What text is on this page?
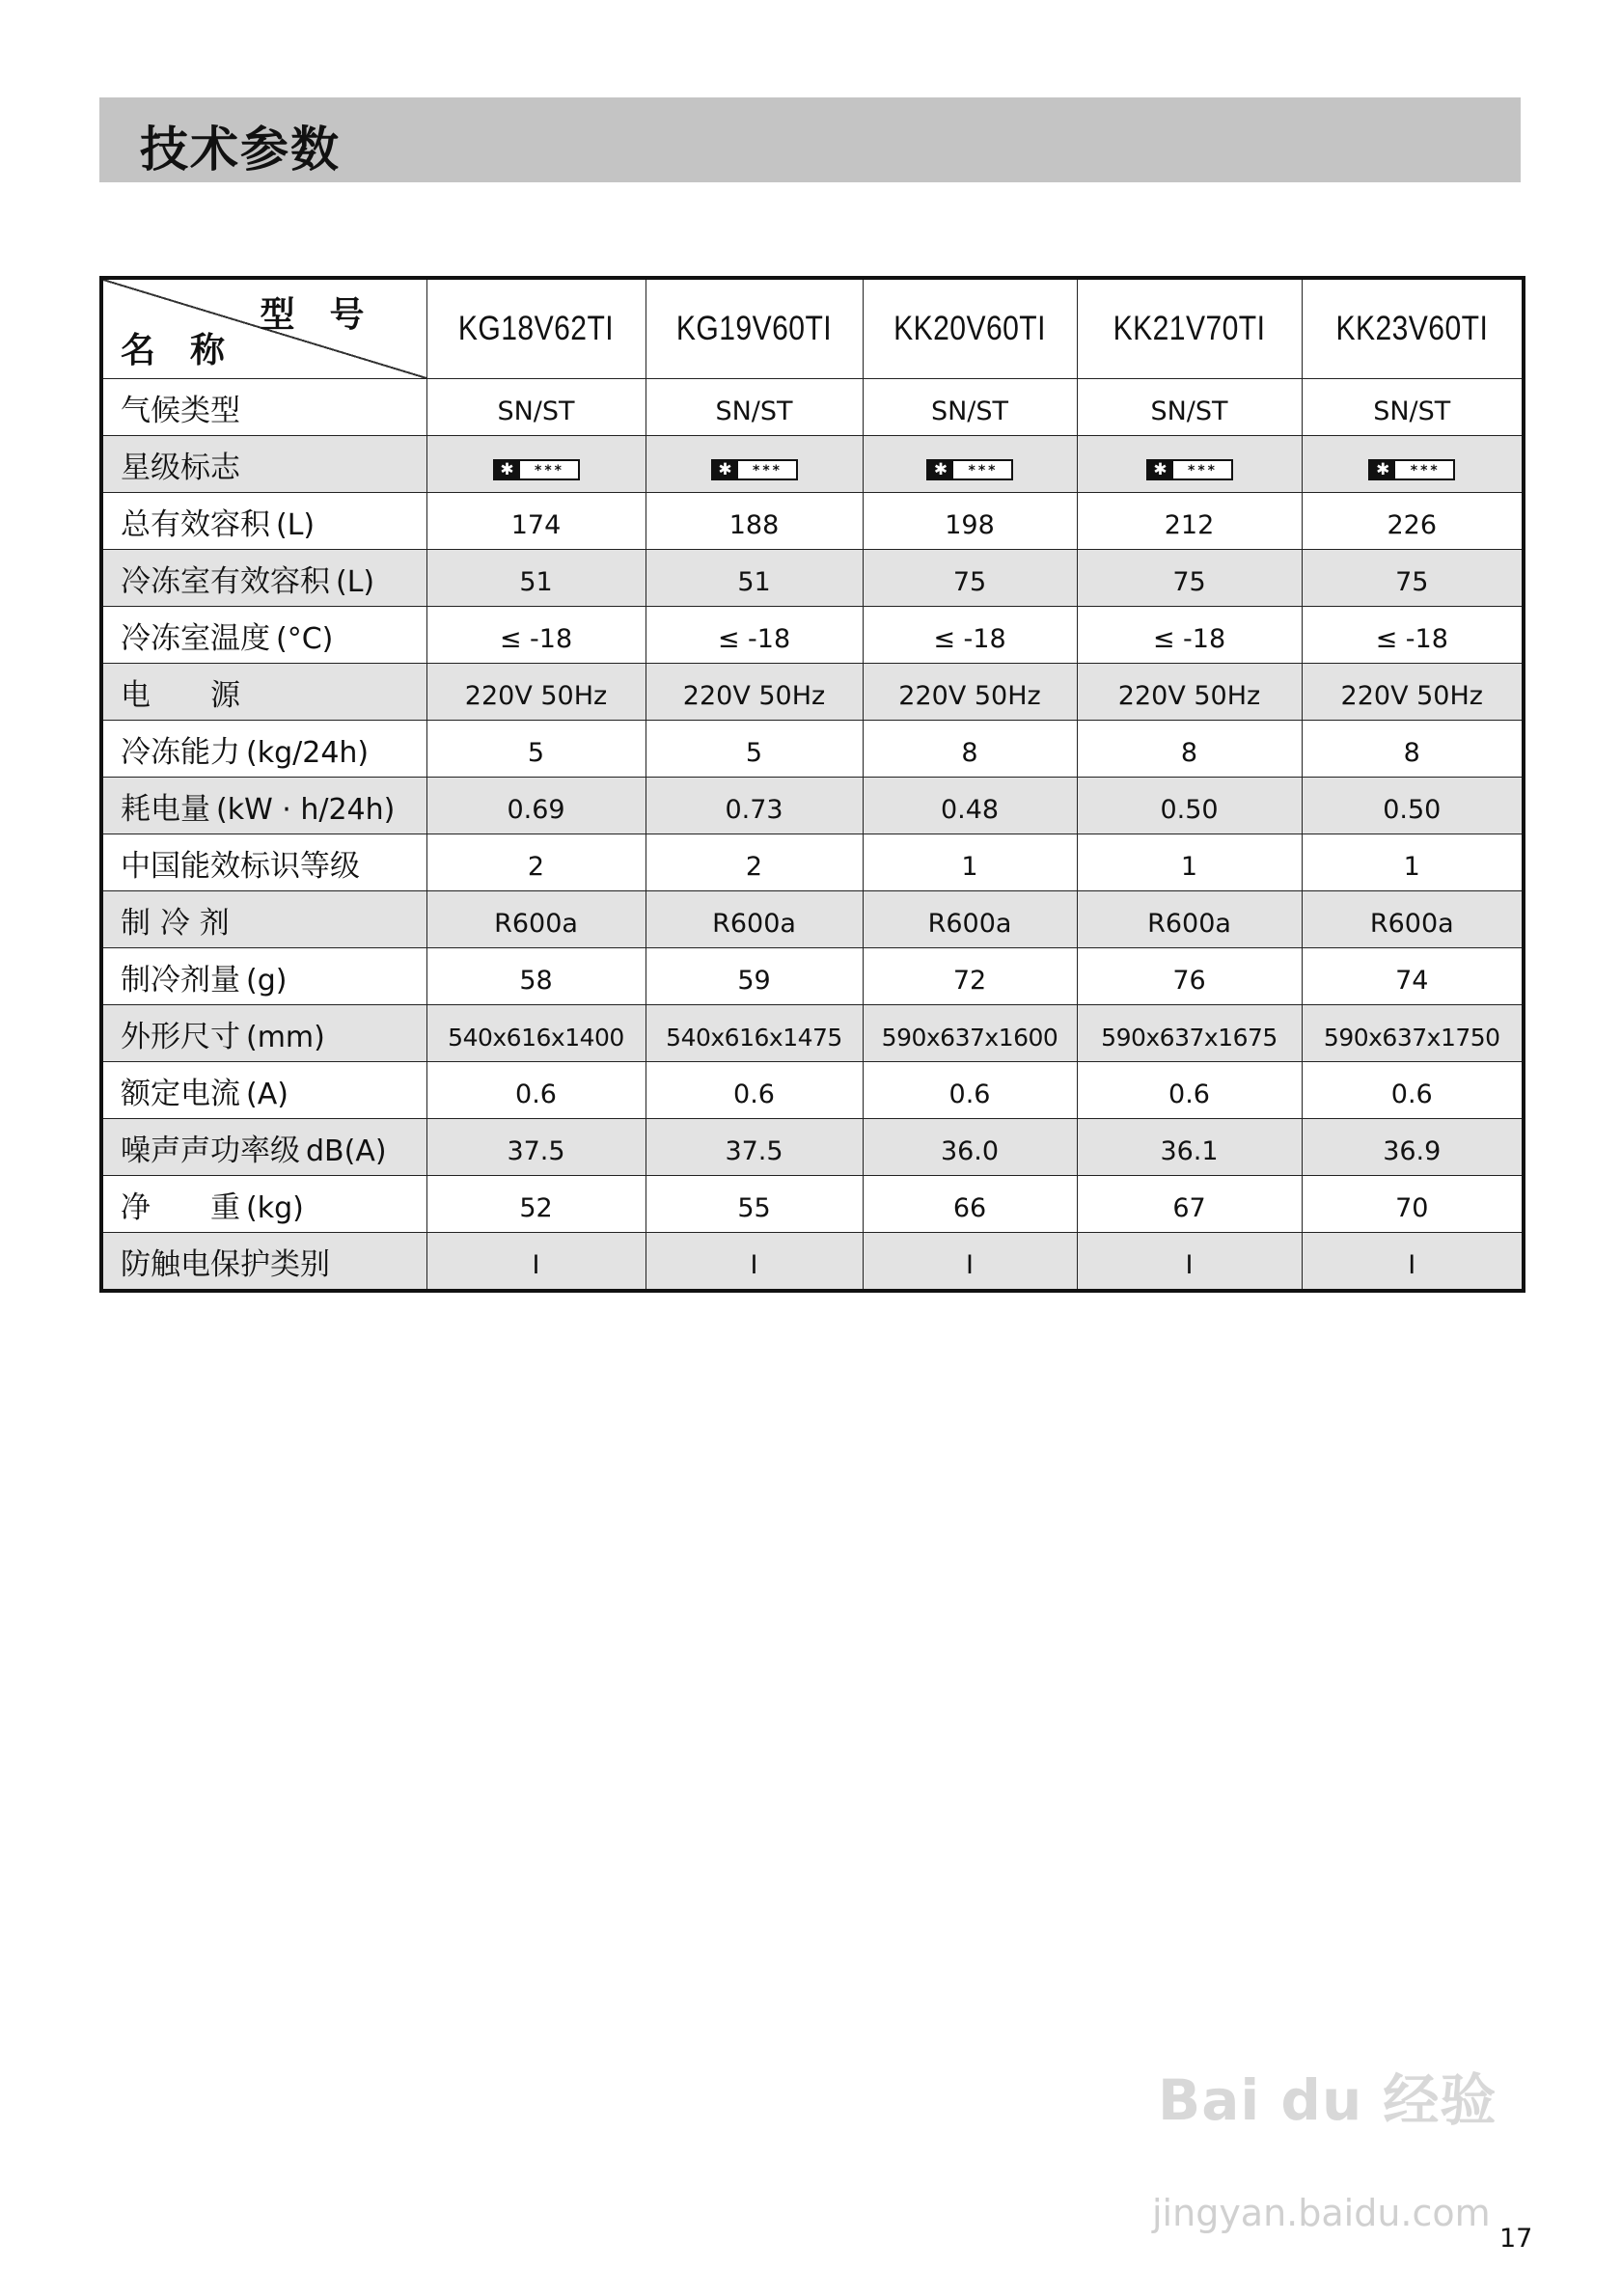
技术参数
型号
名称	KG18V62TI	KG19V60TI	KK20V60TI	KK21V70TI	KK23V60TI
气候类型	SN/ST	SN/ST	SN/ST	SN/ST	SN/ST
星级标志	✱ ***	✱ ***	✱ ***	✱ ***	✱ ***

总有效容积 (L)	174	188	198	212	226
冷冻室有效容积 (L)	51	51	75	75	75
冷冻室温度 (°C)	≤ -18	≤ -18	≤ -18	≤ -18	≤ -18
电　　源	220V 50Hz	220V 50Hz	220V 50Hz	220V 50Hz	220V 50Hz
冷冻能力 (kg/24h)	5	5	8	8	8
耗电量 (kW · h/24h)	0.69	0.73	0.48	0.50	0.50
中国能效标识等级	2	2	1	1	1
制 冷 剂	R600a	R600a	R600a	R600a	R600a
制冷剂量 (g)	58	59	72	76	74
外形尺寸 (mm)	540x616x1400	540x616x1475	590x637x1600	590x637x1675	590x637x1750
额定电流 (A)	0.6	0.6	0.6	0.6	0.6
噪声声功率级 dB(A)	37.5	37.5	36.0	36.1	36.9
净　　重 (kg)	52	55	66	67	70
防触电保护类别	I	I	I	I	I
Bai du 经验
jingyan.baidu.com
17
